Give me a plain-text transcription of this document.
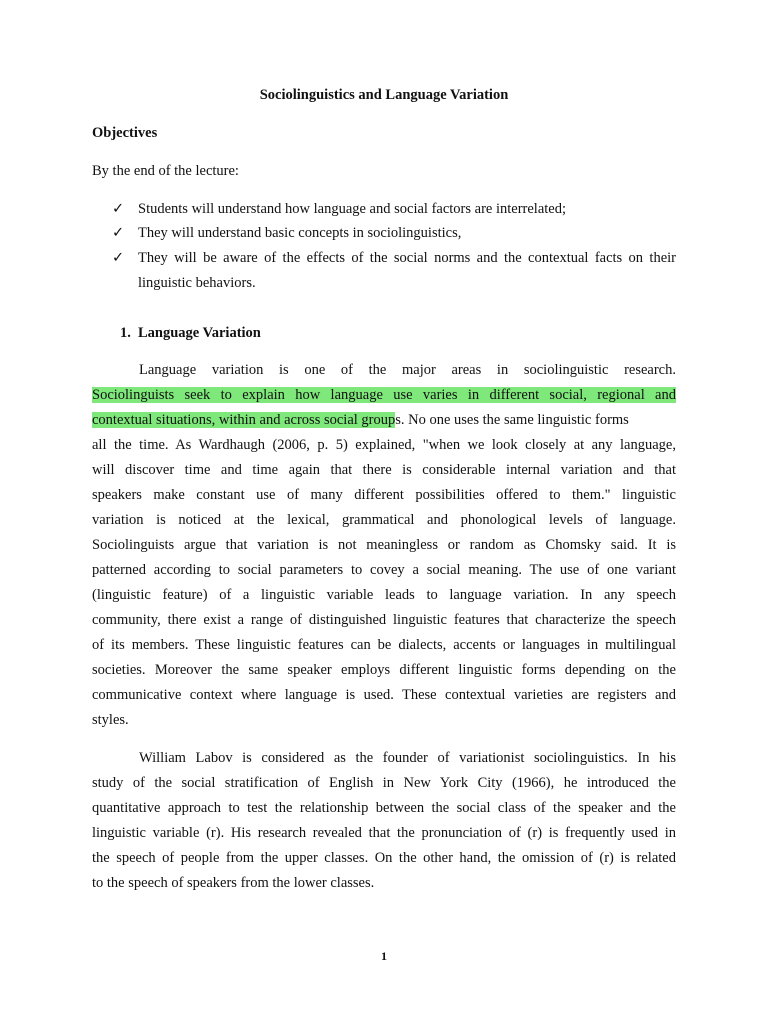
Sociolinguistics and Language Variation
Objectives
By the end of the lecture:
✓ Students will understand how language and social factors are interrelated;
✓ They will understand basic concepts in sociolinguistics,
✓ They will be aware of the effects of the social norms and the contextual facts on their
linguistic behaviors.
1. Language Variation
Language variation is one of the major areas in sociolinguistic research.
Sociolinguists seek to explain how language use varies in different social, regional and
contextual situations, within and across social groups. No one uses the same linguistic forms
all the time. As Wardhaugh (2006, p. 5) explained, "when we look closely at any language,
will discover time and time again that there is considerable internal variation and that
speakers make constant use of many different possibilities offered to them." linguistic
variation is noticed at the lexical, grammatical and phonological levels of language.
Sociolinguists argue that variation is not meaningless or random as Chomsky said. It is
patterned according to social parameters to covey a social meaning. The use of one variant
(linguistic feature) of a linguistic variable leads to language variation. In any speech
community, there exist a range of distinguished linguistic features that characterize the speech
of its members. These linguistic features can be dialects, accents or languages in multilingual
societies. Moreover the same speaker employs different linguistic forms depending on the
communicative context where language is used. These contextual varieties are registers and
styles.
William Labov is considered as the founder of variationist sociolinguistics. In his
study of the social stratification of English in New York City (1966), he introduced the
quantitative approach to test the relationship between the social class of the speaker and the
linguistic variable (r). His research revealed that the pronunciation of (r) is frequently used in
the speech of people from the upper classes. On the other hand, the omission of (r) is related
to the speech of speakers from the lower classes.
1
